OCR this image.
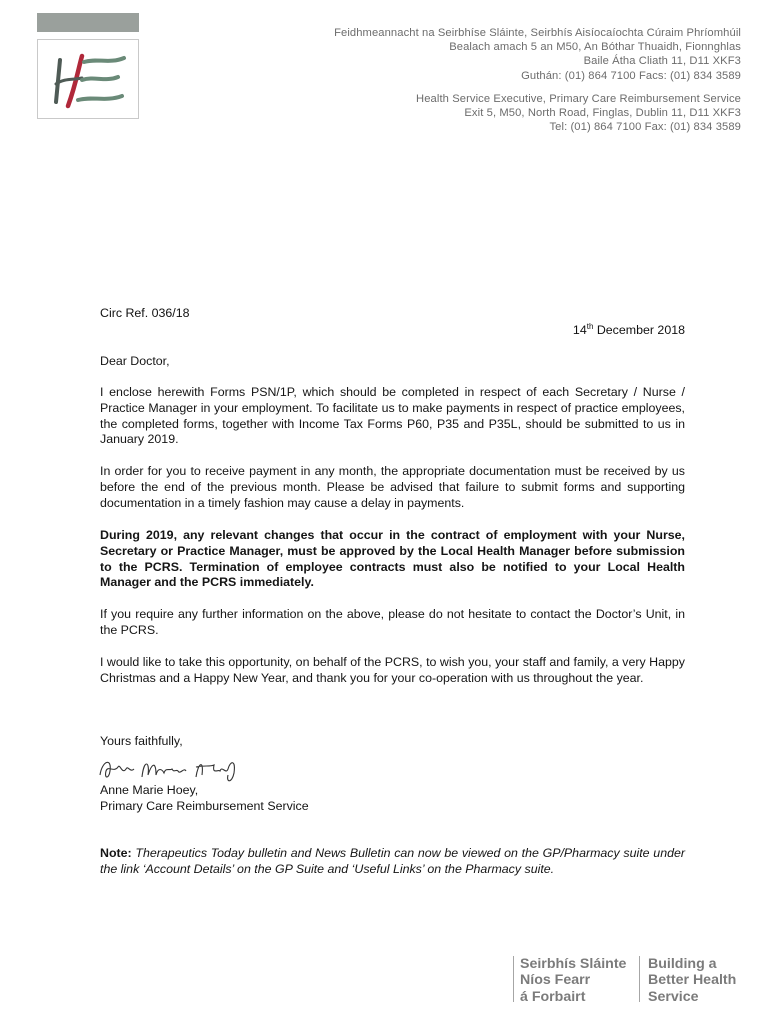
Feidhmeannacht na Seirbhíse Sláinte, Seirbhís Aisíocaíochta Cúraim Phríomhúil
Bealach amach 5 an M50, An Bóthar Thuaidh, Fionnghlas
Baile Átha Cliath 11, D11 XKF3
Guthán: (01) 864 7100 Facs: (01) 834 3589
Health Service Executive, Primary Care Reimbursement Service
Exit 5, M50, North Road, Finglas, Dublin 11, D11 XKF3
Tel: (01) 864 7100 Fax: (01) 834 3589
Circ Ref. 036/18
14th December 2018
Dear Doctor,
I enclose herewith Forms PSN/1P, which should be completed in respect of each Secretary / Nurse / Practice Manager in your employment. To facilitate us to make payments in respect of practice employees, the completed forms, together with Income Tax Forms P60, P35 and P35L, should be submitted to us in January 2019.
In order for you to receive payment in any month, the appropriate documentation must be received by us before the end of the previous month. Please be advised that failure to submit forms and supporting documentation in a timely fashion may cause a delay in payments.
During 2019, any relevant changes that occur in the contract of employment with your Nurse, Secretary or Practice Manager, must be approved by the Local Health Manager before submission to the PCRS. Termination of employee contracts must also be notified to your Local Health Manager and the PCRS immediately.
If you require any further information on the above, please do not hesitate to contact the Doctor’s Unit, in the PCRS.
I would like to take this opportunity, on behalf of the PCRS, to wish you, your staff and family, a very Happy Christmas and a Happy New Year, and thank you for your co-operation with us throughout the year.
Yours faithfully,
Anne Marie Hoey,
Primary Care Reimbursement Service
Note: Therapeutics Today bulletin and News Bulletin can now be viewed on the GP/Pharmacy suite under the link ‘Account Details’ on the GP Suite and ‘Useful Links’ on the Pharmacy suite.
Seirbhís Sláinte
Níos Fearr
á Forbairt
Building a
Better Health
Service
